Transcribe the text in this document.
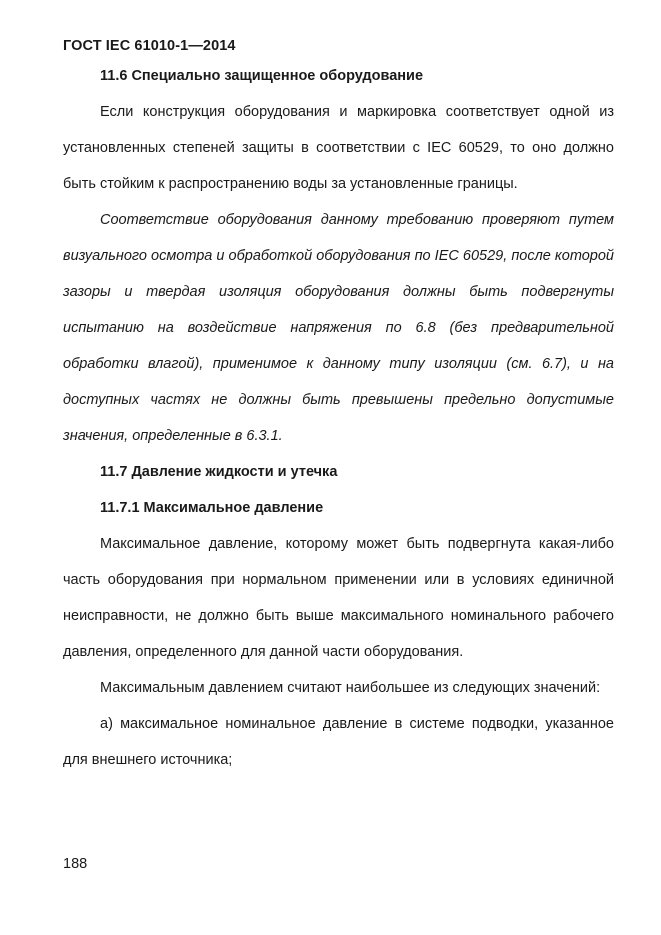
ГОСТ IEC 61010-1—2014

11.6 Специально защищенное оборудование

Если конструкция оборудования и маркировка соответствует одной из установленных степеней защиты в соответствии с IEC 60529, то оно должно быть стойким к распространению воды за установленные границы.

Соответствие оборудования данному требованию проверяют путем визуального осмотра и обработкой оборудования по IEC 60529, после которой зазоры и твердая изоляция оборудования должны быть подвергнуты испытанию на воздействие напряжения по 6.8 (без предварительной обработки влагой), применимое к данному типу изоляции (см. 6.7), и на доступных частях не должны быть превышены предельно допустимые значения, определенные в 6.3.1.

11.7 Давление жидкости и утечка

11.7.1 Максимальное давление

Максимальное давление, которому может быть подвергнута какая-либо часть оборудования при нормальном применении или в условиях единичной неисправности, не должно быть выше максимального номинального рабочего давления, определенного для данной части оборудования.

Максимальным давлением считают наибольшее из следующих значений:

a) максимальное номинальное давление в системе подводки, указанное для внешнего источника;

188
